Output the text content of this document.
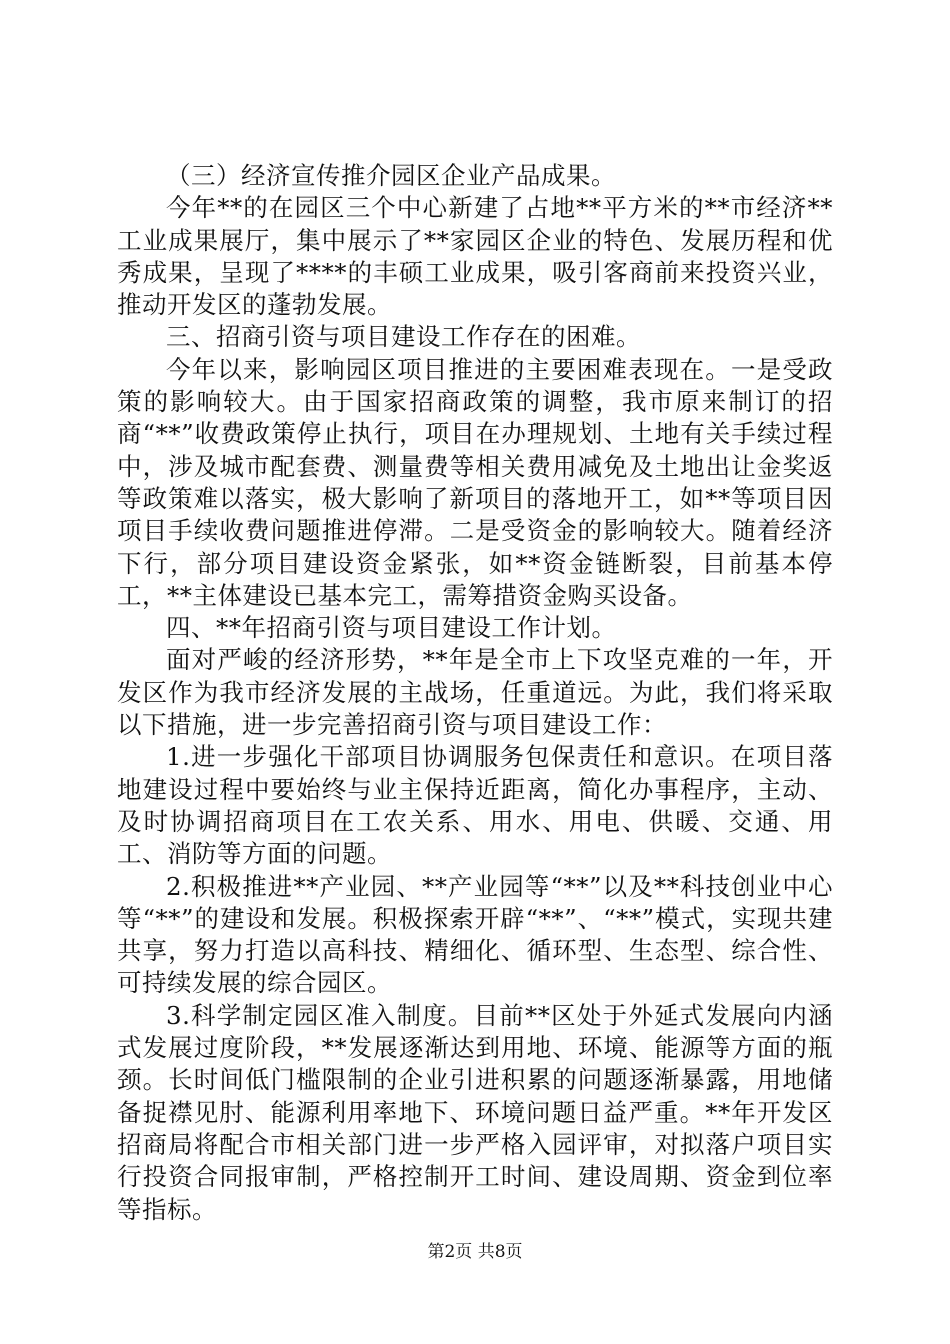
（三）经济宣传推介园区企业产品成果。

今年**的在园区三个中心新建了占地**平方米的**市经济**工业成果展厅，集中展示了**家园区企业的特色、发展历程和优秀成果，呈现了****的丰硕工业成果，吸引客商前来投资兴业，推动开发区的蓬勃发展。

三、招商引资与项目建设工作存在的困难。

今年以来，影响园区项目推进的主要困难表现在。一是受政策的影响较大。由于国家招商政策的调整，我市原来制订的招商“**”收费政策停止执行，项目在办理规划、土地有关手续过程中，涉及城市配套费、测量费等相关费用减免及土地出让金奖返等政策难以落实，极大影响了新项目的落地开工，如**等项目因项目手续收费问题推进停滞。二是受资金的影响较大。随着经济下行，部分项目建设资金紧张，如**资金链断裂，目前基本停工，**主体建设已基本完工，需筹措资金购买设备。

四、**年招商引资与项目建设工作计划。

面对严峻的经济形势，**年是全市上下攻坚克难的一年，开发区作为我市经济发展的主战场，任重道远。为此，我们将采取以下措施，进一步完善招商引资与项目建设工作：

1.进一步强化干部项目协调服务包保责任和意识。在项目落地建设过程中要始终与业主保持近距离，简化办事程序，主动、及时协调招商项目在工农关系、用水、用电、供暖、交通、用工、消防等方面的问题。

2.积极推进**产业园、**产业园等“**”以及**科技创业中心等“**”的建设和发展。积极探索开辟“**”、“**”模式，实现共建共享，努力打造以高科技、精细化、循环型、生态型、综合性、可持续发展的综合园区。

3.科学制定园区准入制度。目前**区处于外延式发展向内涵式发展过度阶段，**发展逐渐达到用地、环境、能源等方面的瓶颈。长时间低门槛限制的企业引进积累的问题逐渐暴露，用地储备捉襟见肘、能源利用率地下、环境问题日益严重。**年开发区招商局将配合市相关部门进一步严格入园评审，对拟落户项目实行投资合同报审制，严格控制开工时间、建设周期、资金到位率等指标。

第2页 共8页
